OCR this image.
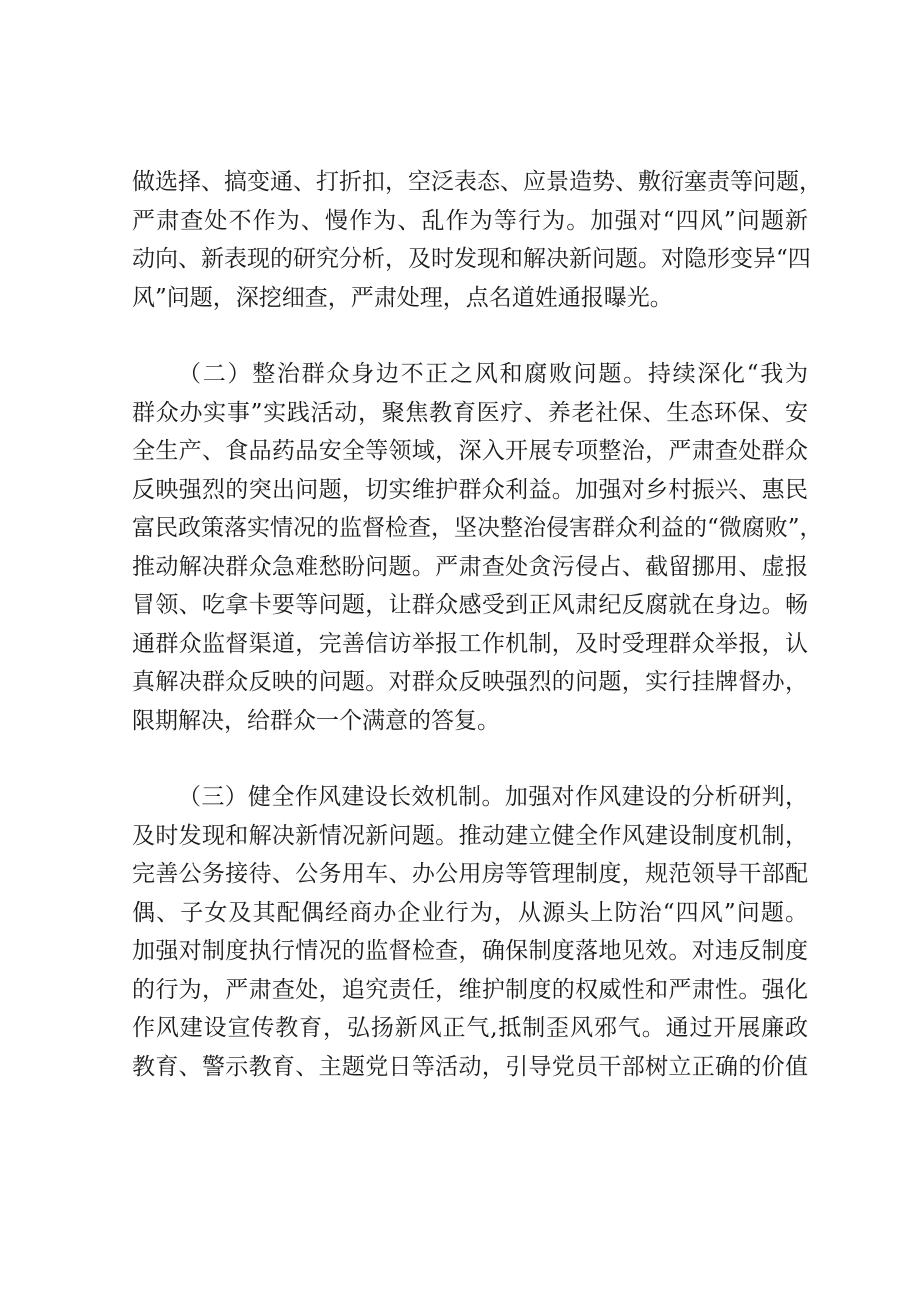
做选择、搞变通、打折扣，空泛表态、应景造势、敷衍塞责等问题，

严肃查处不作为、慢作为、乱作为等行为。加强对“四风”问题新

动向、新表现的研究分析，及时发现和解决新问题。对隐形变异“四

风”问题，深挖细查，严肃处理，点名道姓通报曝光。

（二）整治群众身边不正之风和腐败问题。持续深化“我为

群众办实事”实践活动，聚焦教育医疗、养老社保、生态环保、安

全生产、食品药品安全等领域，深入开展专项整治，严肃查处群众

反映强烈的突出问题，切实维护群众利益。加强对乡村振兴、惠民

富民政策落实情况的监督检查，坚决整治侵害群众利益的“微腐败”，

推动解决群众急难愁盼问题。严肃查处贪污侵占、截留挪用、虚报

冒领、吃拿卡要等问题，让群众感受到正风肃纪反腐就在身边。畅

通群众监督渠道，完善信访举报工作机制，及时受理群众举报，认

真解决群众反映的问题。对群众反映强烈的问题，实行挂牌督办，

限期解决，给群众一个满意的答复。

（三）健全作风建设长效机制。加强对作风建设的分析研判，

及时发现和解决新情况新问题。推动建立健全作风建设制度机制，

完善公务接待、公务用车、办公用房等管理制度，规范领导干部配

偶、子女及其配偶经商办企业行为，从源头上防治“四风”问题。

加强对制度执行情况的监督检查，确保制度落地见效。对违反制度

的行为，严肃查处，追究责任，维护制度的权威性和严肃性。强化

作风建设宣传教育，弘扬新风正气,抵制歪风邪气。通过开展廉政

教育、警示教育、主题党日等活动，引导党员干部树立正确的价值
